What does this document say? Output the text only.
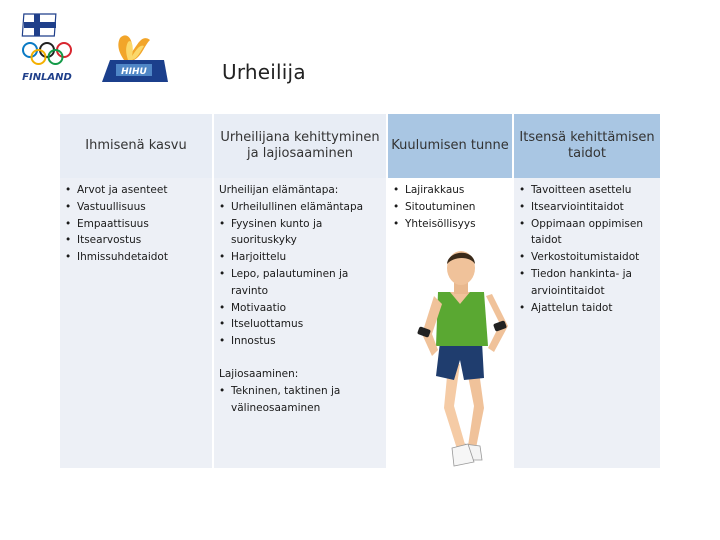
FINLAND	HIHU	Urheilija
Ihmisenä kasvu
• Arvot ja asenteet
• Vastuullisuus
• Empaattisuus
• Itsearvostus
• Ihmissuhdetaidot
Urheilijana kehittyminen ja lajiosaaminen

Urheilijan elämäntapa:

• Urheilullinen elämäntapa
• Fyysinen kunto ja suorituskyky
• Harjoittelu
• Lepo, palautuminen ja ravinto
• Motivaatio
• Itseluottamus
• Innostus

Lajiosaaminen:

• Tekninen, taktinen ja välineosaaminen
Kuulumisen tunne
• Lajirakkaus
• Sitoutuminen
• Yhteisöllisyys
Itsensä kehittämisen taidot
• Tavoitteen asettelu
• Itsearviointitaidot
• Oppimaan oppimisen taidot
• Verkostoitumistaidot
• Tiedon hankinta- ja arviointitaidot
• Ajattelun taidot
